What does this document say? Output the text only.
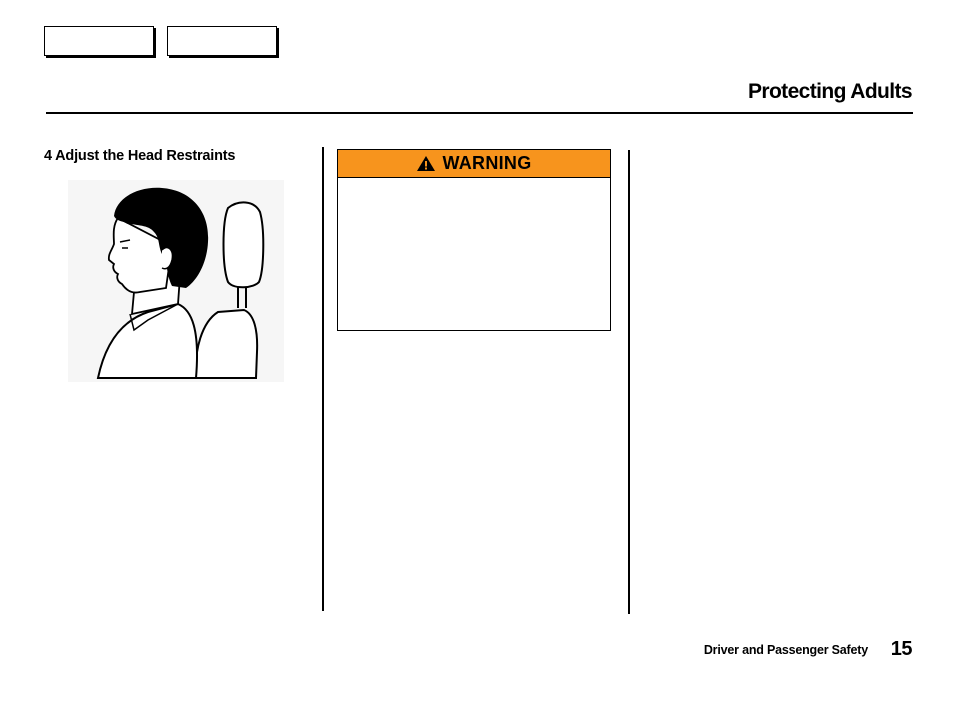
Protecting Adults
4 Adjust the Head Restraints	WARNING
Driver and Passenger Safety 15
